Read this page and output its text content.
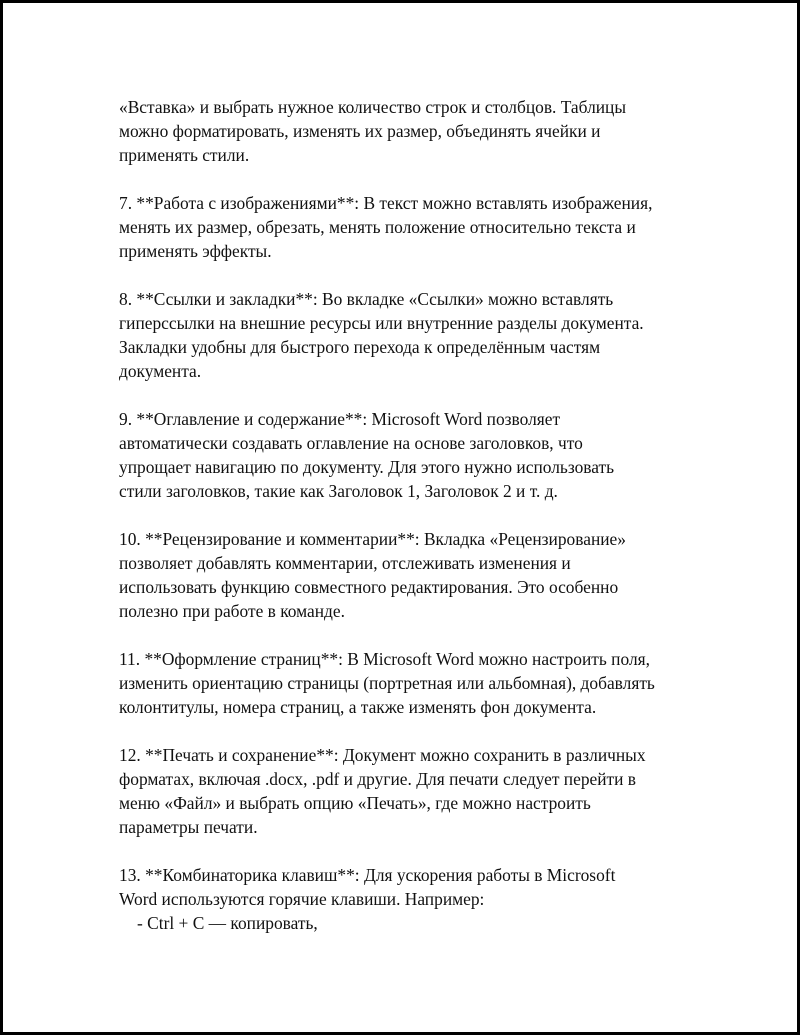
«Вставка» и выбрать нужное количество строк и столбцов. Таблицы
можно форматировать, изменять их размер, объединять ячейки и
применять стили.

7. **Работа с изображениями**: В текст можно вставлять изображения,
менять их размер, обрезать, менять положение относительно текста и
применять эффекты.

8. **Ссылки и закладки**: Во вкладке «Ссылки» можно вставлять
гиперссылки на внешние ресурсы или внутренние разделы документа.
Закладки удобны для быстрого перехода к определённым частям
документа.

9. **Оглавление и содержание**: Microsoft Word позволяет
автоматически создавать оглавление на основе заголовков, что
упрощает навигацию по документу. Для этого нужно использовать
стили заголовков, такие как Заголовок 1, Заголовок 2 и т. д.

10. **Рецензирование и комментарии**: Вкладка «Рецензирование»
позволяет добавлять комментарии, отслеживать изменения и
использовать функцию совместного редактирования. Это особенно
полезно при работе в команде.

11. **Оформление страниц**: В Microsoft Word можно настроить поля,
изменить ориентацию страницы (портретная или альбомная), добавлять
колонтитулы, номера страниц, а также изменять фон документа.

12. **Печать и сохранение**: Документ можно сохранить в различных
форматах, включая .docx, .pdf и другие. Для печати следует перейти в
меню «Файл» и выбрать опцию «Печать», где можно настроить
параметры печати.

13. **Комбинаторика клавиш**: Для ускорения работы в Microsoft
Word используются горячие клавиши. Например:
- Ctrl + C — копировать,
